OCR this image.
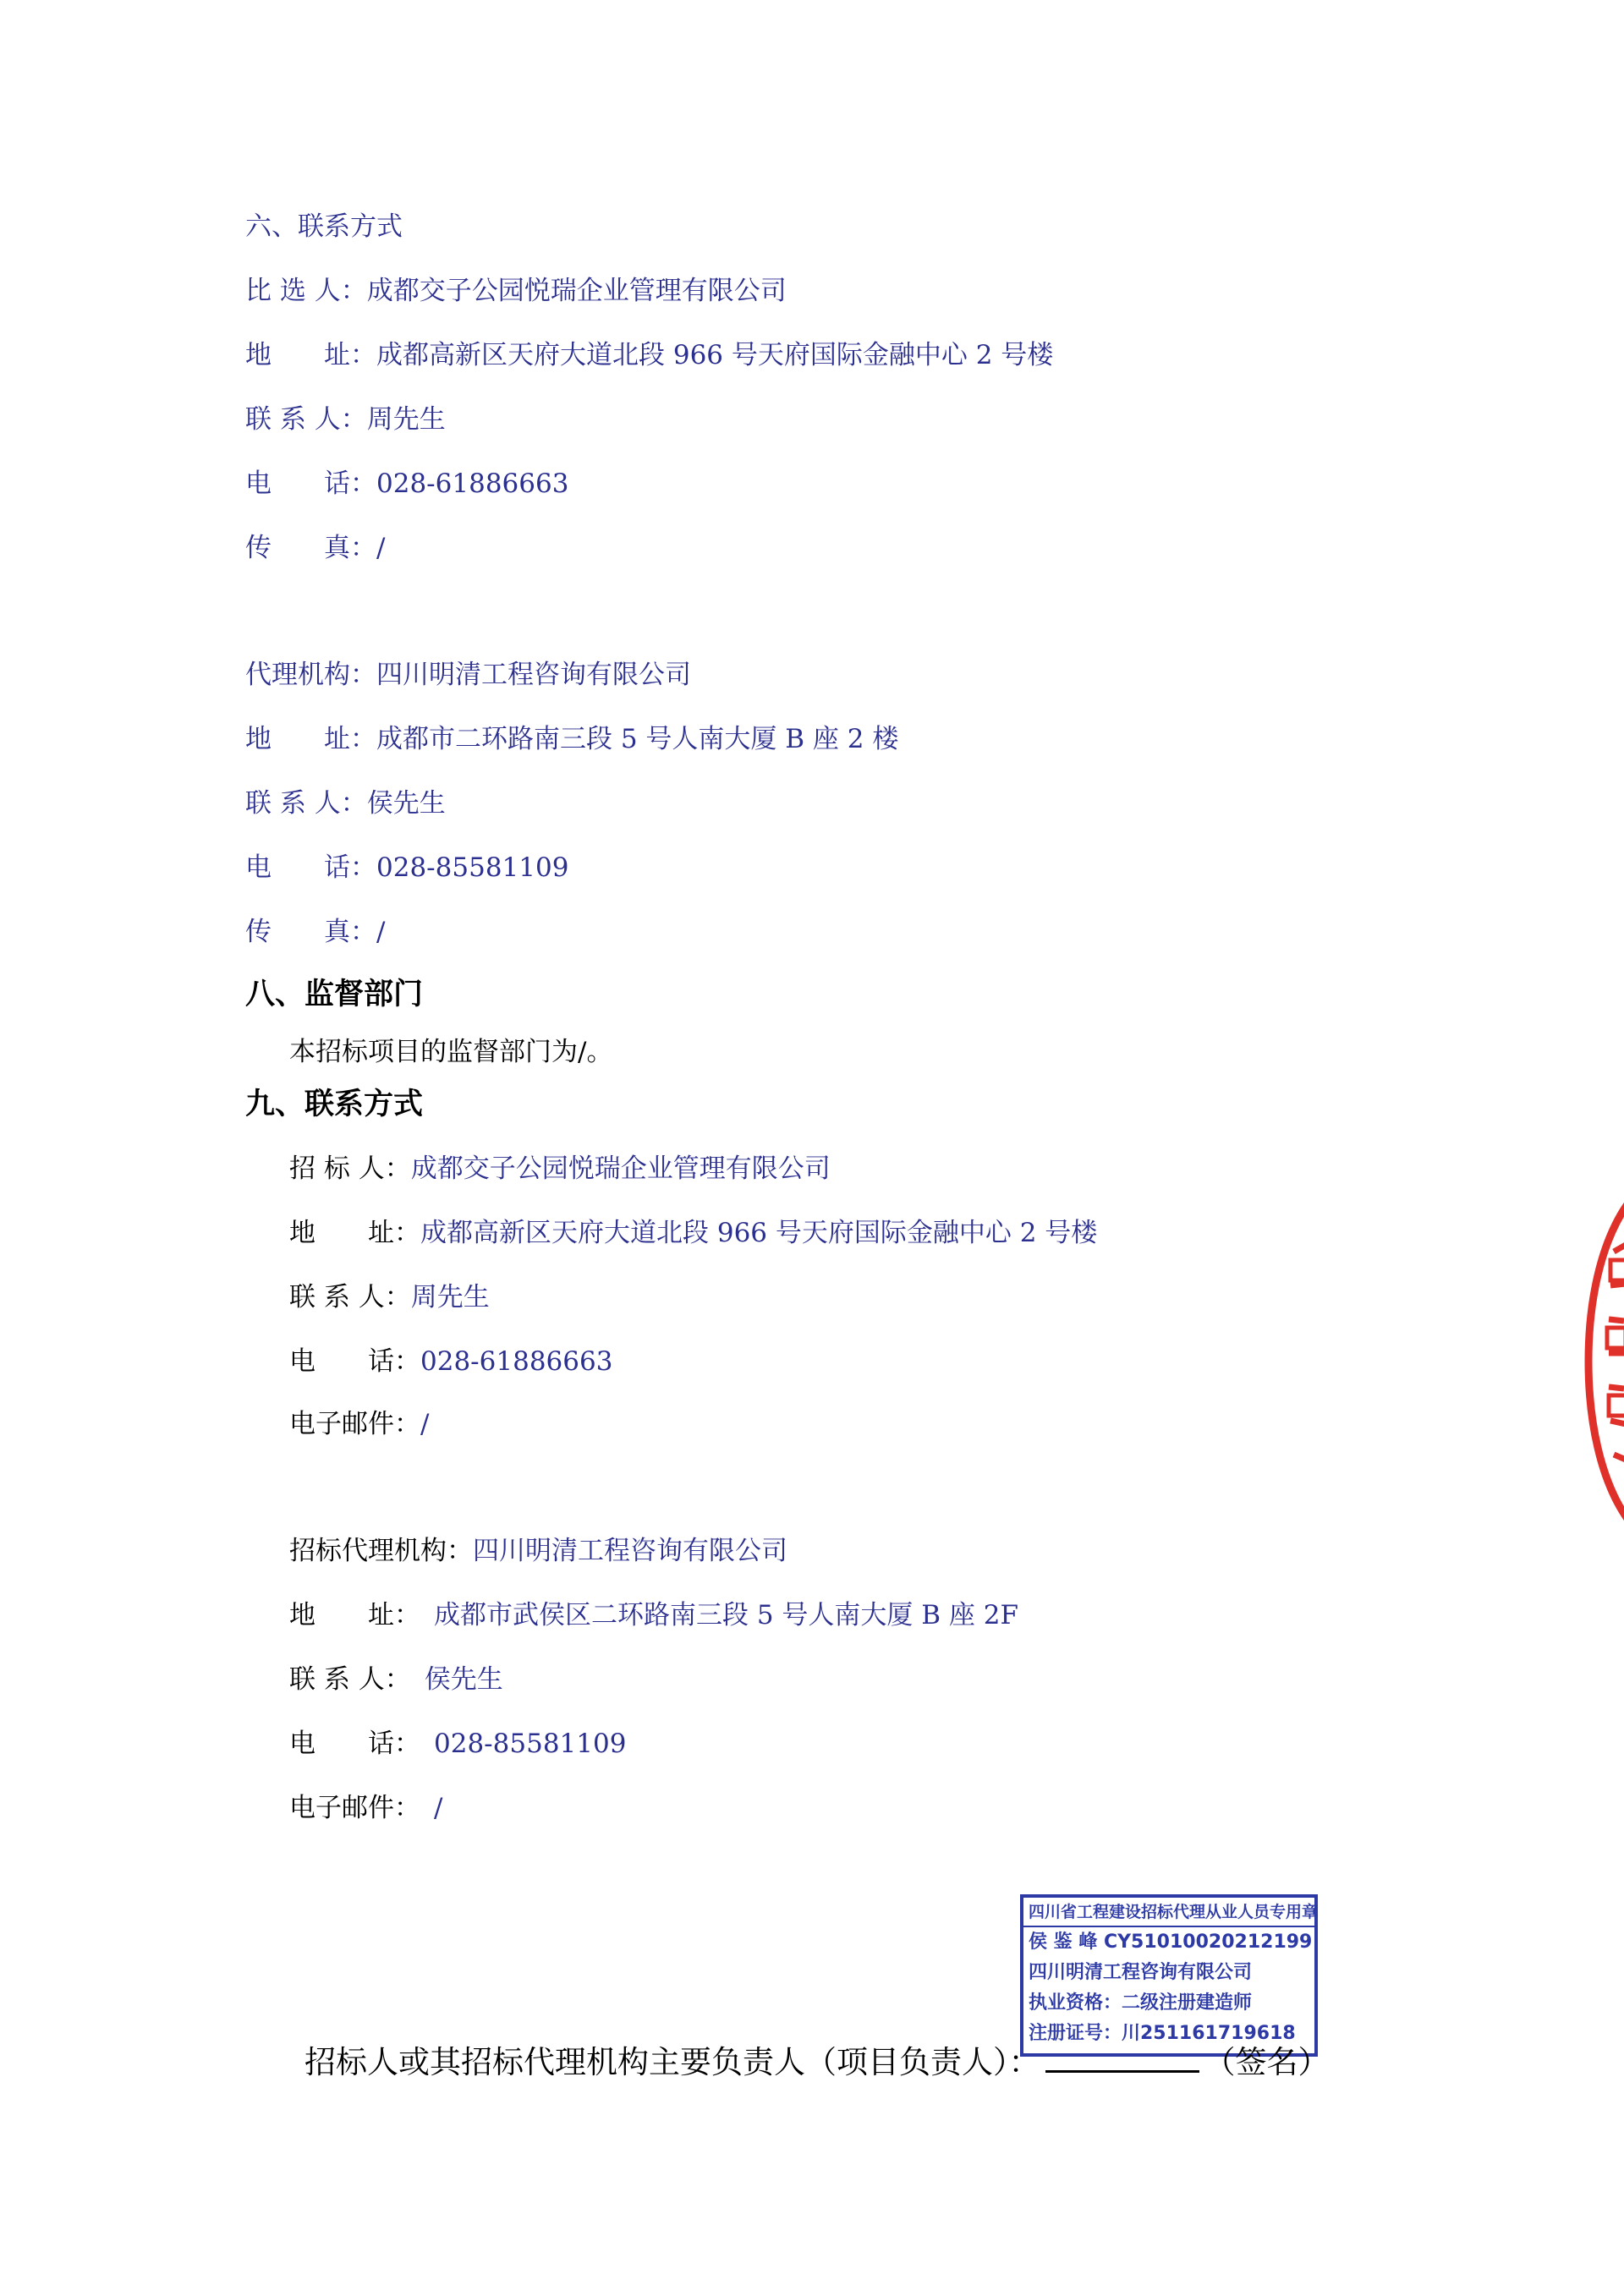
六、联系方式
比 选 人：成都交子公园悦瑞企业管理有限公司
地　　址：成都高新区天府大道北段 966 号天府国际金融中心 2 号楼
联 系 人：周先生
电　　话：028-61886663
传　　真：/
代理机构：四川明清工程咨询有限公司
地　　址：成都市二环路南三段 5 号人南大厦 B 座 2 楼
联 系 人：侯先生
电　　话：028-85581109
传　　真：/
八、监督部门
本招标项目的监督部门为/。
九、联系方式
招 标 人：成都交子公园悦瑞企业管理有限公司
地　　址：成都高新区天府大道北段 966 号天府国际金融中心 2 号楼
联 系 人：周先生
电　　话：028-61886663
电子邮件：/
招标代理机构：四川明清工程咨询有限公司
地　　址： 成都市武侯区二环路南三段 5 号人南大厦 B 座 2F
联 系 人： 侯先生
电　　话： 028-85581109
电子邮件： /
四川省工程建设招标代理从业人员专用章
侯 鉴 峰 CY51010020212199
四川明清工程咨询有限公司
执业资格：二级注册建造师
注册证号：川251161719618
招标人或其招标代理机构主要负责人（项目负责人）：	（签名）
